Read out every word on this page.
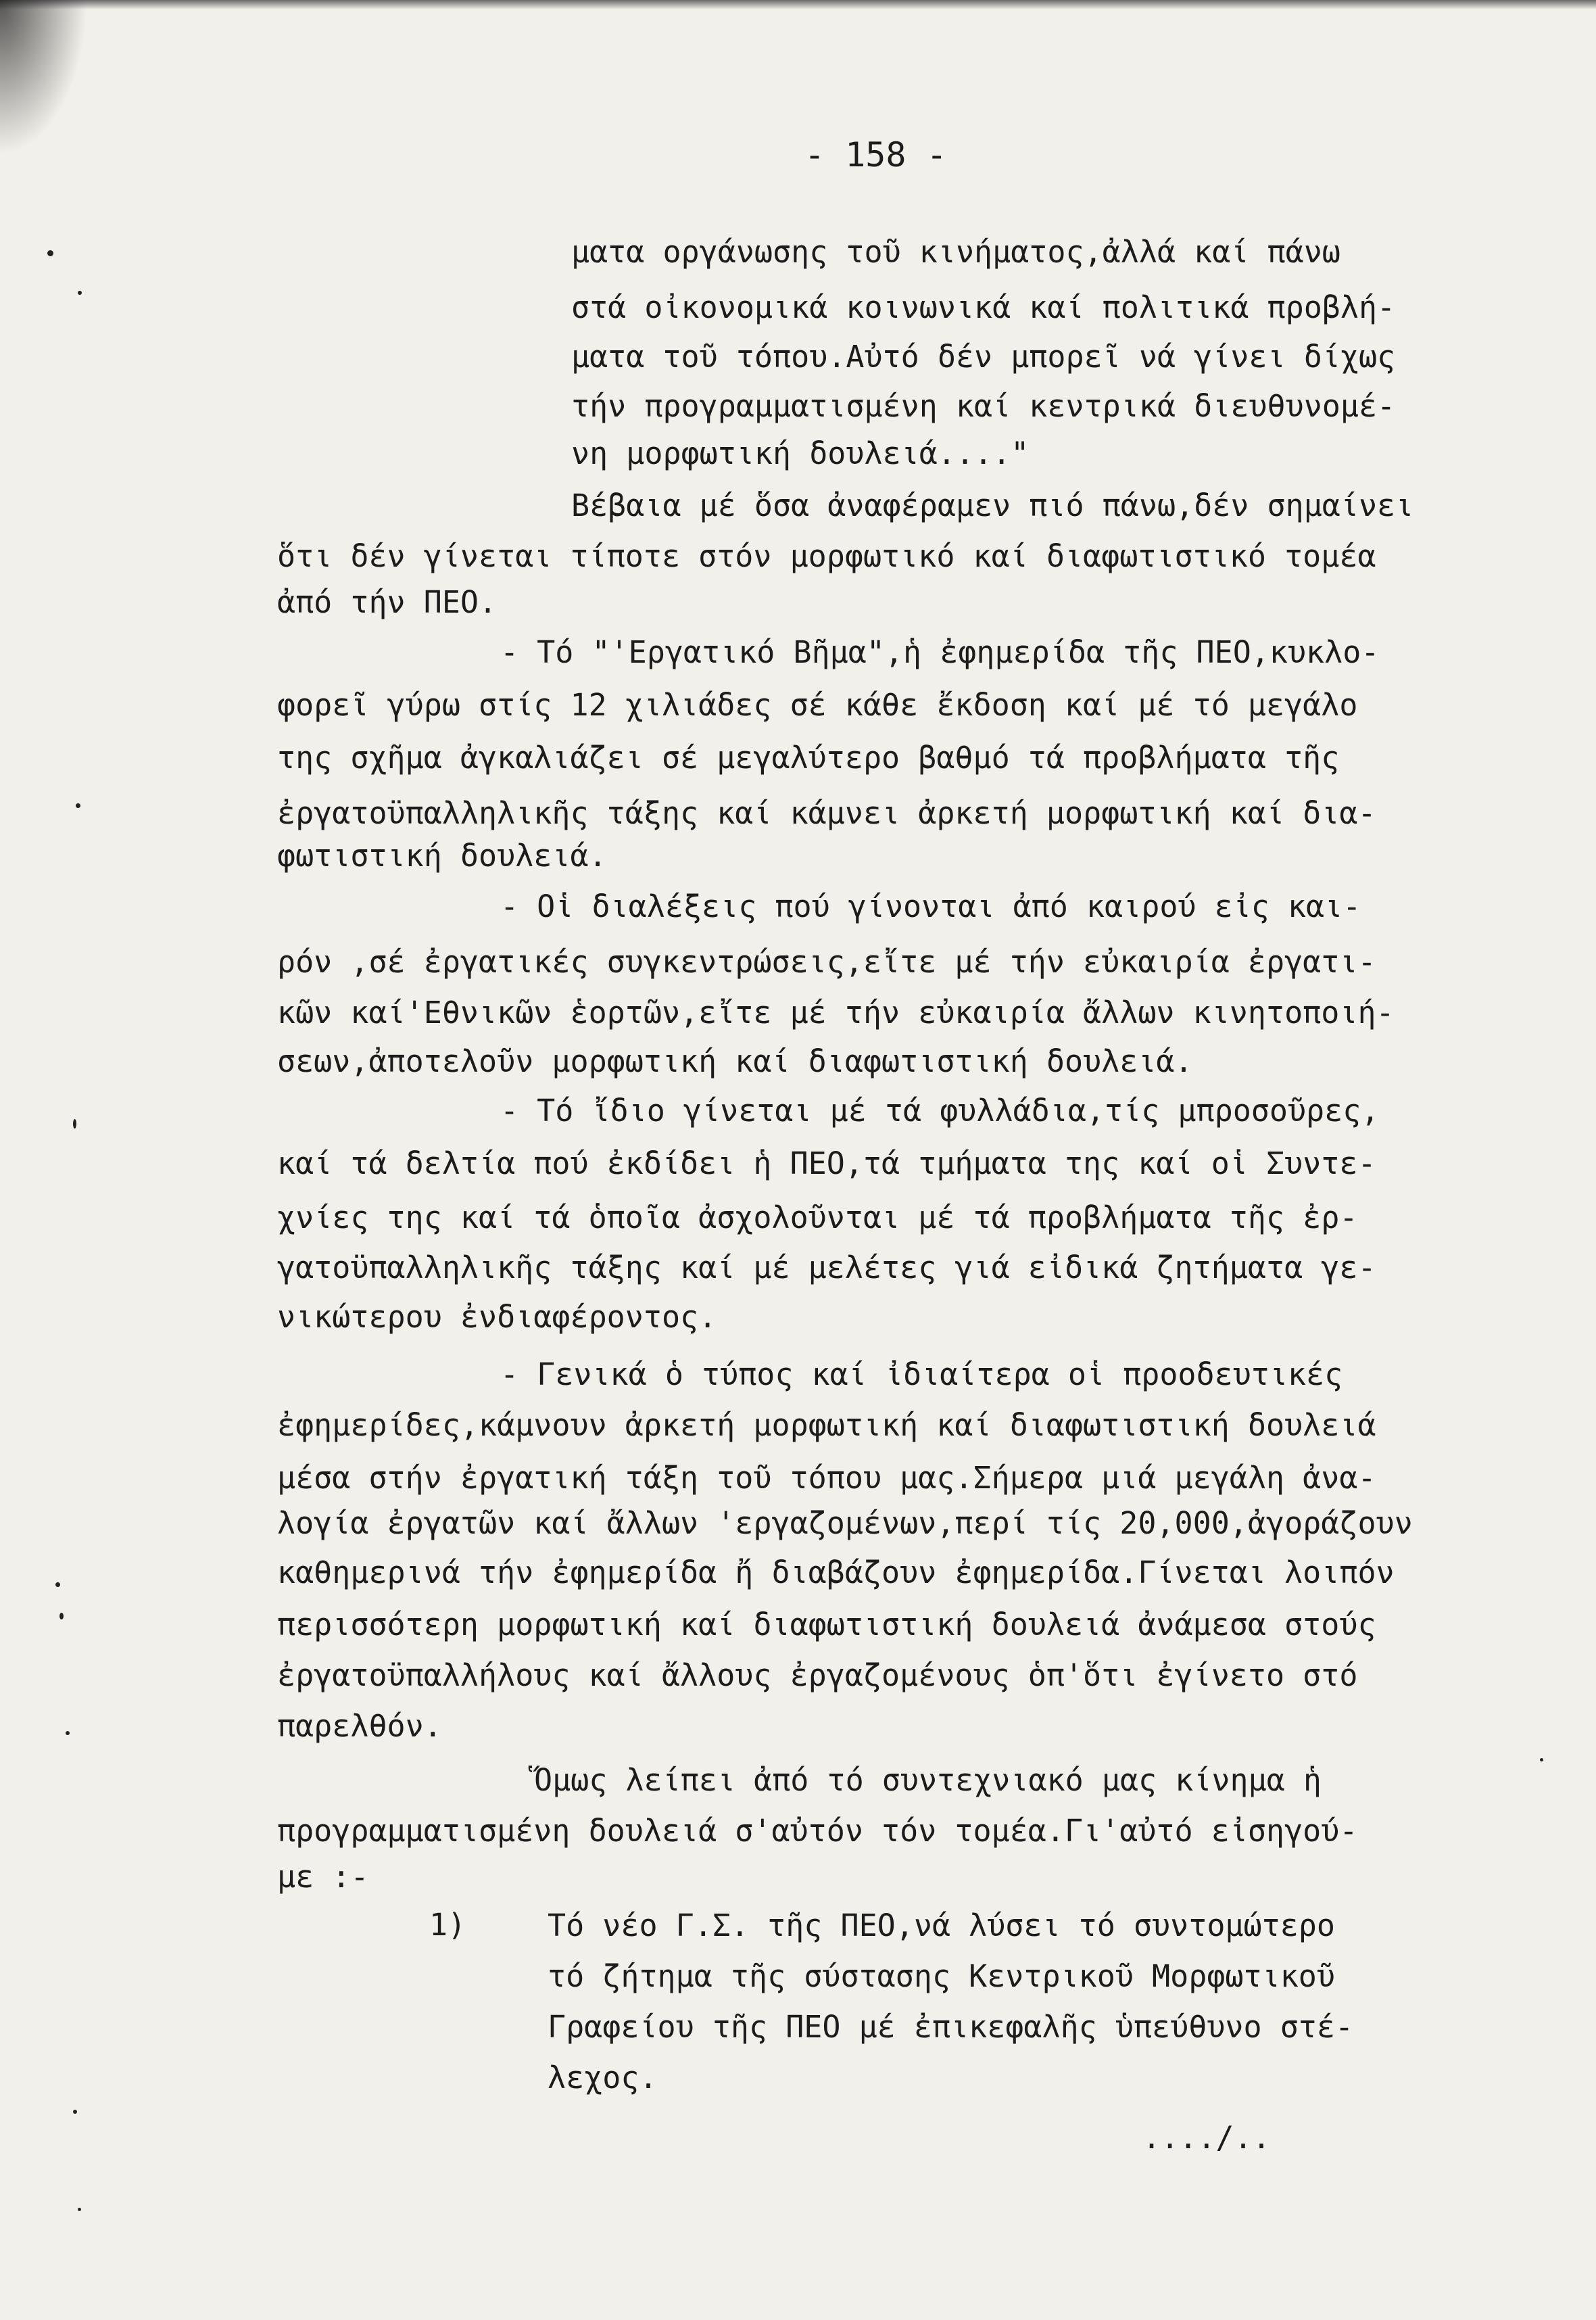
- 158 -
ματα οργάνωσης τοῦ κινήματος,ἀλλά καί πάνω
στά οἰκονομικά κοινωνικά καί πολιτικά προβλή-
ματα τοῦ τόπου.Αὐτό δέν μπορεῖ νά γίνει δίχως
τήν προγραμματισμένη καί κεντρικά διευθυνομέ-
νη μορφωτική δουλειά...."
Βέβαια μέ ὅσα ἀναφέραμεν πιό πάνω,δέν σημαίνει
ὅτι δέν γίνεται τίποτε στόν μορφωτικό καί διαφωτιστικό τομέα
ἀπό τήν ΠΕΟ.
- Τό "'Εργατικό Βῆμα",ἡ ἐφημερίδα τῆς ΠΕΟ,κυκλο-
φορεῖ γύρω στίς 12 χιλιάδες σέ κάθε ἔκδοση καί μέ τό μεγάλο
της σχῆμα ἀγκαλιάζει σέ μεγαλύτερο βαθμό τά προβλήματα τῆς
ἐργατοϋπαλληλικῆς τάξης καί κάμνει ἀρκετή μορφωτική καί δια-
φωτιστική δουλειά.
- Οἱ διαλέξεις πού γίνονται ἀπό καιρού εἰς και-
ρόν ,σέ ἐργατικές συγκεντρώσεις,εἴτε μέ τήν εὐκαιρία ἐργατι-
κῶν καί'Εθνικῶν ἑορτῶν,εἴτε μέ τήν εὐκαιρία ἄλλων κινητοποιή-
σεων,ἀποτελοῦν μορφωτική καί διαφωτιστική δουλειά.
- Τό ἴδιο γίνεται μέ τά φυλλάδια,τίς μπροσοῦρες,
καί τά δελτία πού ἐκδίδει ἡ ΠΕΟ,τά τμήματα της καί οἱ Συντε-
χνίες της καί τά ὁποῖα ἀσχολοῦνται μέ τά προβλήματα τῆς ἐρ-
γατοϋπαλληλικῆς τάξης καί μέ μελέτες γιά εἰδικά ζητήματα γε-
νικώτερου ἐνδιαφέροντος.
- Γενικά ὁ τύπος καί ἰδιαίτερα οἱ προοδευτικές
ἐφημερίδες,κάμνουν ἀρκετή μορφωτική καί διαφωτιστική δουλειά
μέσα στήν ἐργατική τάξη τοῦ τόπου μας.Σήμερα μιά μεγάλη ἀνα-
λογία ἐργατῶν καί ἄλλων 'εργαζομένων,περί τίς 20,000,ἀγοράζουν
καθημερινά τήν ἐφημερίδα ἤ διαβάζουν ἐφημερίδα.Γίνεται λοιπόν
περισσότερη μορφωτική καί διαφωτιστική δουλειά ἀνάμεσα στούς
ἐργατοϋπαλλήλους καί ἄλλους ἐργαζομένους ὁπ'ὅτι ἐγίνετο στό
παρελθόν.
Ὅμως λείπει ἀπό τό συντεχνιακό μας κίνημα ἡ
προγραμματισμένη δουλειά σ'αὐτόν τόν τομέα.Γι'αὐτό εἰσηγού-
με :-
1)	Τό νέο Γ.Σ. τῆς ΠΕΟ,νά λύσει τό συντομώτερο
τό ζήτημα τῆς σύστασης Κεντρικοῦ Μορφωτικοῦ
Γραφείου τῆς ΠΕΟ μέ ἐπικεφαλῆς ὑπεύθυνο στέ-
λεχος.
..../..
